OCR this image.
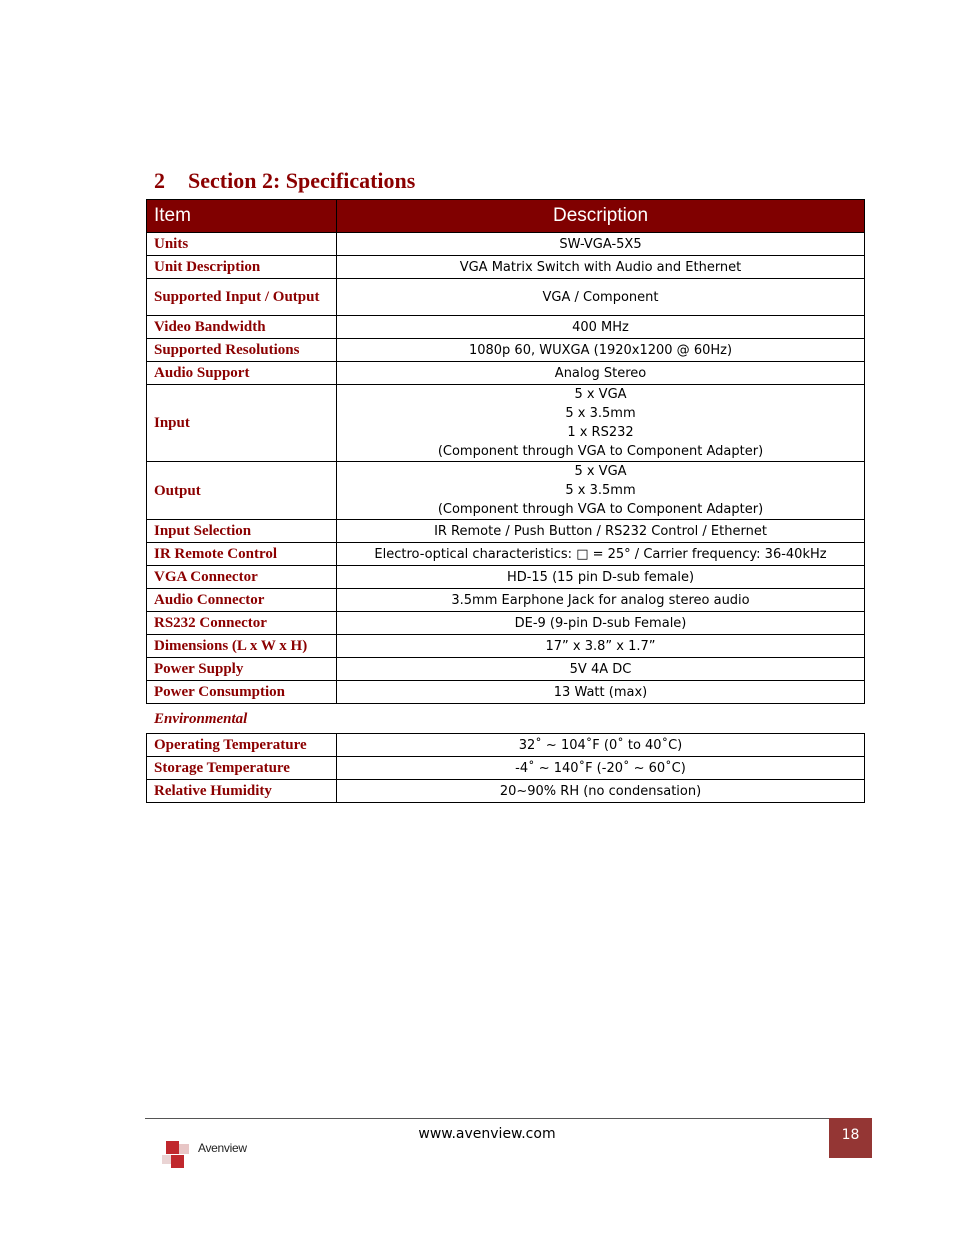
2 Section 2: Specifications
Item	Description
Units	SW-VGA-5X5

Unit Description	VGA Matrix Switch with Audio and Ethernet

Supported Input / Output	VGA / Component

Video Bandwidth	400 MHz

Supported Resolutions	1080p 60, WUXGA (1920x1200 @ 60Hz)

Audio Support	Analog Stereo

Input	5 x VGA
5 x 3.5mm
1 x RS232
(Component through VGA to Component Adapter)

Output	5 x VGA
5 x 3.5mm
(Component through VGA to Component Adapter)

Input Selection	IR Remote / Push Button / RS232 Control / Ethernet

IR Remote Control	Electro-optical characteristics: □ = 25° / Carrier frequency: 36-40kHz

VGA Connector	HD-15 (15 pin D-sub female)

Audio Connector	3.5mm Earphone Jack for analog stereo audio

RS232 Connector	DE-9 (9-pin D-sub Female)

Dimensions (L x W x H)	17” x 3.8” x 1.7”

Power Supply	5V 4A DC

Power Consumption	13 Watt (max)
Environmental
Operating Temperature	32˚ ~ 104˚F (0˚ to 40˚C)

Storage Temperature	-4˚ ~ 140˚F (-20˚ ~ 60˚C)

Relative Humidity	20~90% RH (no condensation)
www.avenview.com	18
Avenview
